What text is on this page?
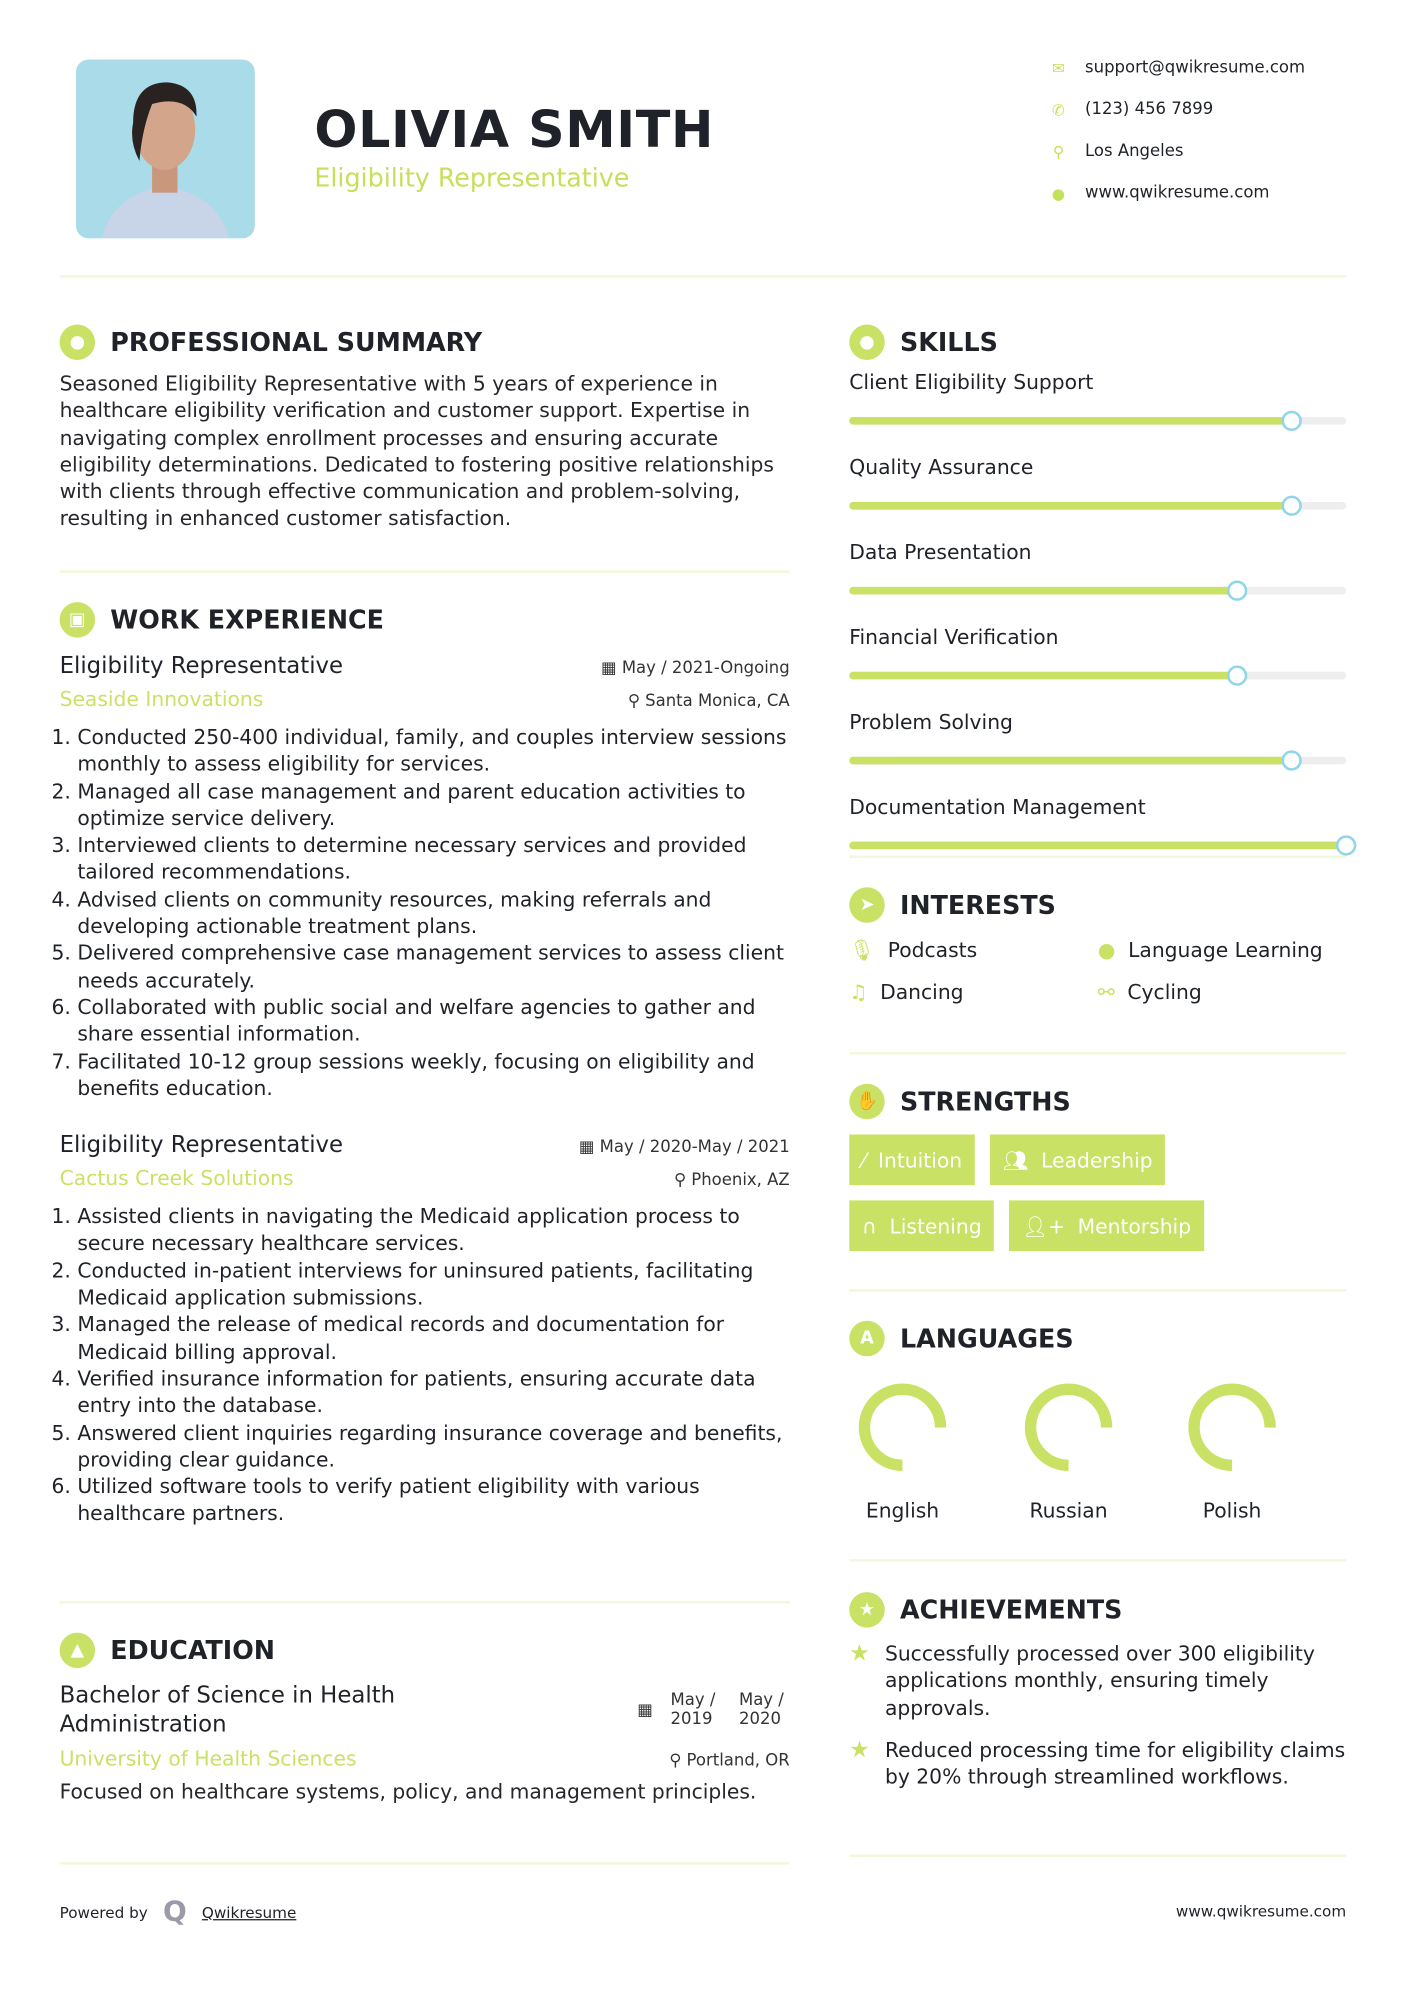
OLIVIA SMITH
Eligibility Representative
✉ support@qwikresume.com
✆ (123) 456 7899
⚲ Los Angeles
● www.qwikresume.com
●	PROFESSIONAL SUMMARY
Seasoned Eligibility Representative with 5 years of experience in healthcare eligibility verification and customer support. Expertise in navigating complex enrollment processes and ensuring accurate eligibility determinations. Dedicated to fostering positive relationships with clients through effective communication and problem-solving, resulting in enhanced customer satisfaction.
▣	WORK EXPERIENCE
Eligibility Representative	▦ May / 2021-Ongoing
Seaside Innovations	⚲ Santa Monica, CA
1. Conducted 250-400 individual, family, and couples interview sessions monthly to assess eligibility for services.
2. Managed all case management and parent education activities to optimize service delivery.
3. Interviewed clients to determine necessary services and provided tailored recommendations.
4. Advised clients on community resources, making referrals and developing actionable treatment plans.
5. Delivered comprehensive case management services to assess client needs accurately.
6. Collaborated with public social and welfare agencies to gather and share essential information.
7. Facilitated 10-12 group sessions weekly, focusing on eligibility and benefits education.
Eligibility Representative	▦ May / 2020-May / 2021
Cactus Creek Solutions	⚲ Phoenix, AZ
1. Assisted clients in navigating the Medicaid application process to secure necessary healthcare services.
2. Conducted in-patient interviews for uninsured patients, facilitating Medicaid application submissions.
3. Managed the release of medical records and documentation for Medicaid billing approval.
4. Verified insurance information for patients, ensuring accurate data entry into the database.
5. Answered client inquiries regarding insurance coverage and benefits, providing clear guidance.
6. Utilized software tools to verify patient eligibility with various healthcare partners.
▲	EDUCATION
Bachelor of Science in Health Administration
▦
May / 2019
May / 2020
University of Health Sciences	⚲ Portland, OR
Focused on healthcare systems, policy, and management principles.
Powered by Q Qwikresume	www.qwikresume.com
●	SKILLS
Client Eligibility Support
Quality Assurance
Data Presentation
Financial Verification
Problem Solving
Documentation Management
➤	INTERESTS
🎙︎ Podcasts	● Language Learning
♫ Dancing	⚯ Cycling
✋	STRENGTHS
⁄ Intuition	👥︎ Leadership
∩ Listening	👤︎+ Mentorship
A	LANGUAGES
English	Russian	Polish
★	ACHIEVEMENTS
★ Successfully processed over 300 eligibility applications monthly, ensuring timely approvals.
★ Reduced processing time for eligibility claims by 20% through streamlined workflows.
